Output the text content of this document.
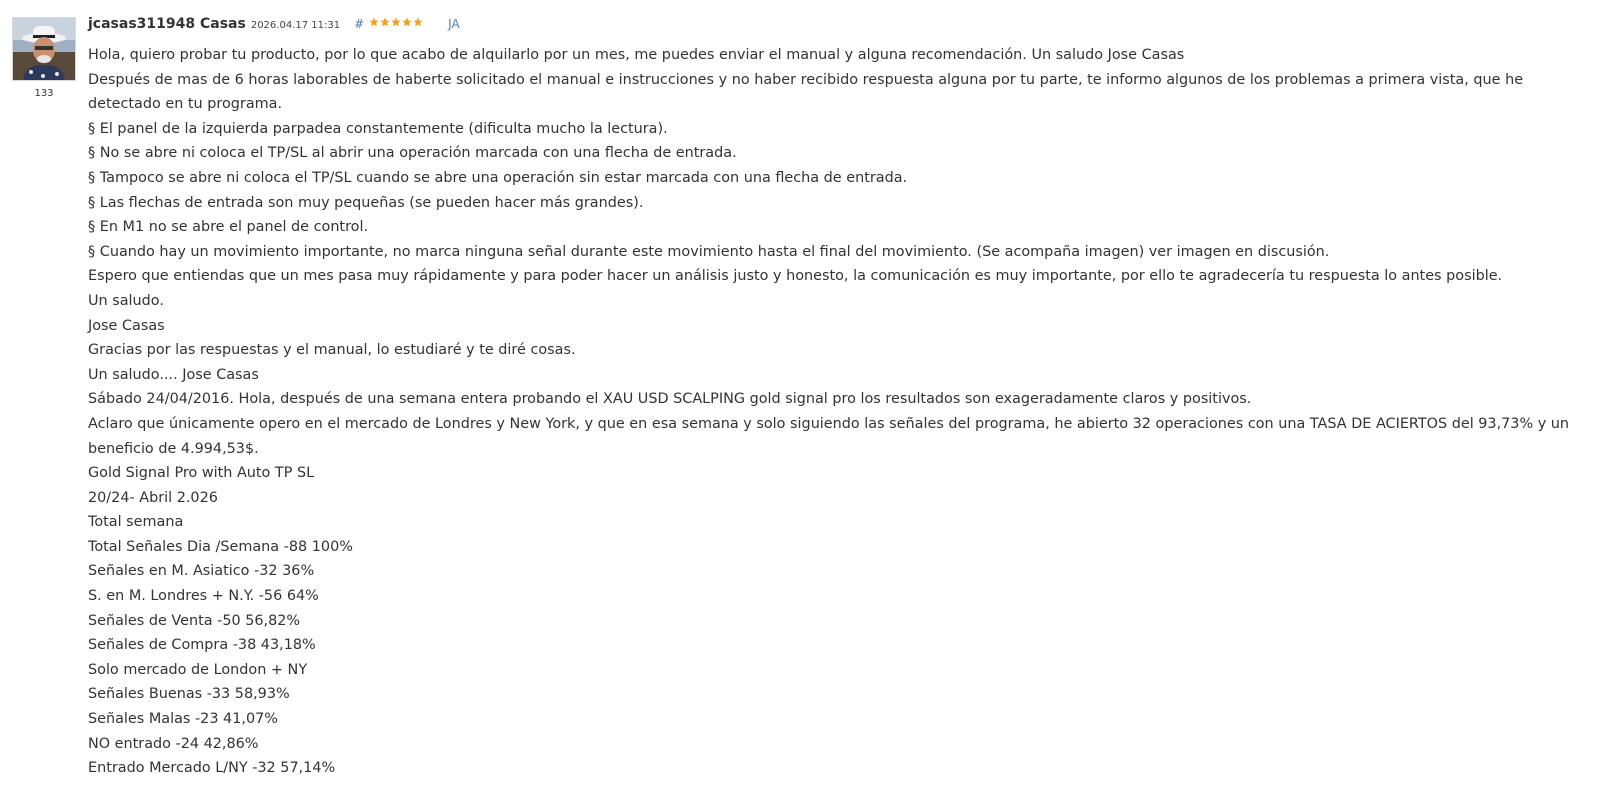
133
jcasas311948 Casas 2026.04.17 11:31 #	JA

Hola, quiero probar tu producto, por lo que acabo de alquilarlo por un mes, me puedes enviar el manual y alguna recomendación. Un saludo Jose Casas

Después de mas de 6 horas laborables de haberte solicitado el manual e instrucciones y no haber recibido respuesta alguna por tu parte, te informo algunos de los problemas a primera vista, que he detectado en tu programa.

§ El panel de la izquierda parpadea constantemente (dificulta mucho la lectura).

§ No se abre ni coloca el TP/SL al abrir una operación marcada con una flecha de entrada.

§ Tampoco se abre ni coloca el TP/SL cuando se abre una operación sin estar marcada con una flecha de entrada.

§ Las flechas de entrada son muy pequeñas (se pueden hacer más grandes).

§ En M1 no se abre el panel de control.

§ Cuando hay un movimiento importante, no marca ninguna señal durante este movimiento hasta el final del movimiento. (Se acompaña imagen) ver imagen en discusión.

Espero que entiendas que un mes pasa muy rápidamente y para poder hacer un análisis justo y honesto, la comunicación es muy importante, por ello te agradecería tu respuesta lo antes posible.

Un saludo.

Jose Casas

Gracias por las respuestas y el manual, lo estudiaré y te diré cosas.

Un saludo.... Jose Casas

Sábado 24/04/2016. Hola, después de una semana entera probando el XAU USD SCALPING gold signal pro los resultados son exageradamente claros y positivos.

Aclaro que únicamente opero en el mercado de Londres y New York, y que en esa semana y solo siguiendo las señales del programa, he abierto 32 operaciones con una TASA DE ACIERTOS del 93,73% y un beneficio de 4.994,53$.

Gold Signal Pro with Auto TP SL

20/24- Abril 2.026

Total semana

Total Señales Dia /Semana -88 100%

Señales en M. Asiatico -32 36%

S. en M. Londres + N.Y. -56 64%

Señales de Venta -50 56,82%

Señales de Compra -38 43,18%

Solo mercado de London + NY

Señales Buenas -33 58,93%

Señales Malas -23 41,07%

NO entrado -24 42,86%

Entrado Mercado L/NY -32 57,14%
